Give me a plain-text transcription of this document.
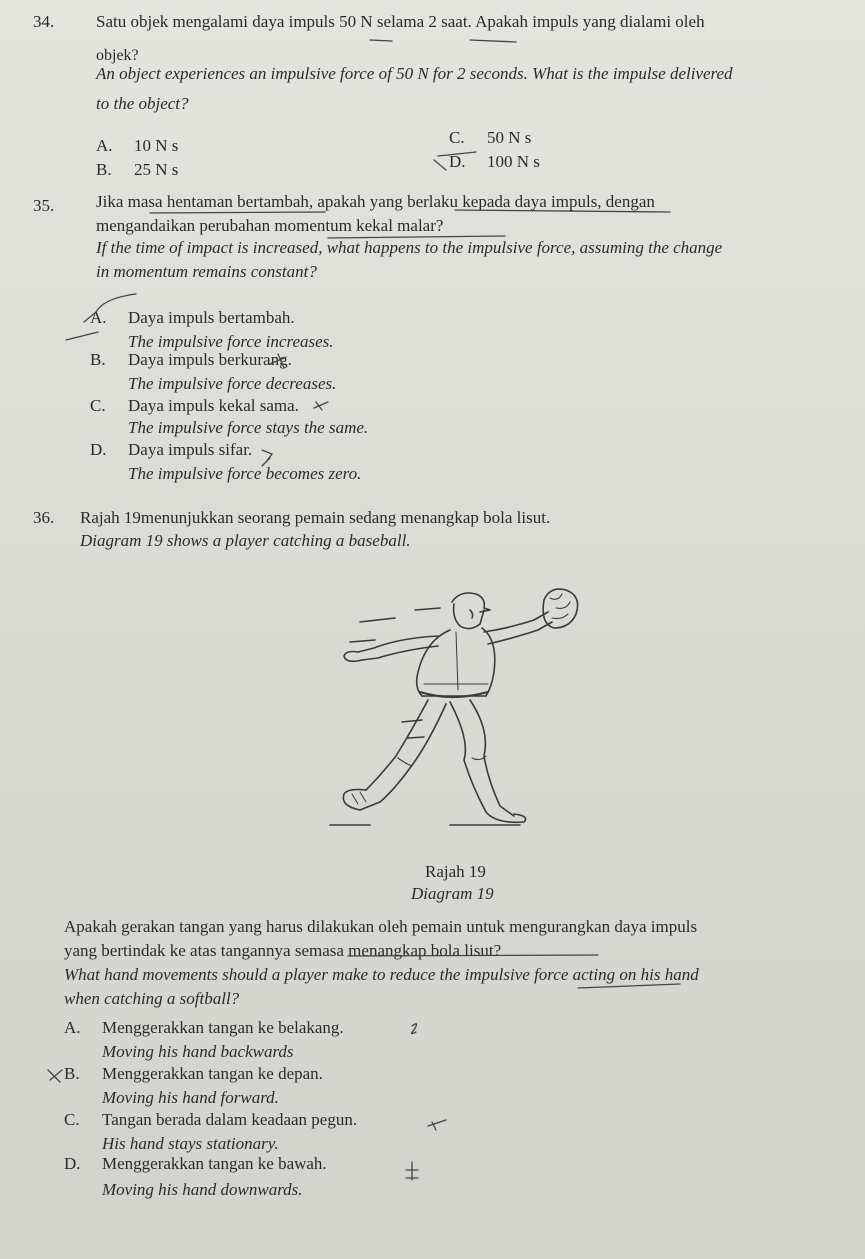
34. Satu objek mengalami daya impuls 50 N selama 2 saat. Apakah impuls yang dialami oleh
objek?
An object experiences an impulsive force of 50 N for 2 seconds. What is the impulse delivered
to the object?
A. 10 N s
B. 25 N s
C. 50 N s
D. 100 N s
35. Jika masa hentaman bertambah, apakah yang berlaku kepada daya impuls, dengan
mengandaikan perubahan momentum kekal malar?
If the time of impact is increased, what happens to the impulsive force, assuming the change
in momentum remains constant?
A. Daya impuls bertambah.
The impulsive force increases.
B. Daya impuls berkurang.
The impulsive force decreases.
C. Daya impuls kekal sama.
The impulsive force stays the same.
D. Daya impuls sifar.
The impulsive force becomes zero.
36. Rajah 19menunjukkan seorang pemain sedang menangkap bola lisut.
Diagram 19 shows a player catching a baseball.
Rajah 19
Diagram 19
Apakah gerakan tangan yang harus dilakukan oleh pemain untuk mengurangkan daya impuls
yang bertindak ke atas tangannya semasa menangkap bola lisut?
What hand movements should a player make to reduce the impulsive force acting on his hand
when catching a softball?
A. Menggerakkan tangan ke belakang.
Moving his hand backwards
B. Menggerakkan tangan ke depan.
Moving his hand forward.
C. Tangan berada dalam keadaan pegun.
His hand stays stationary.
D. Menggerakkan tangan ke bawah.
Moving his hand downwards.
